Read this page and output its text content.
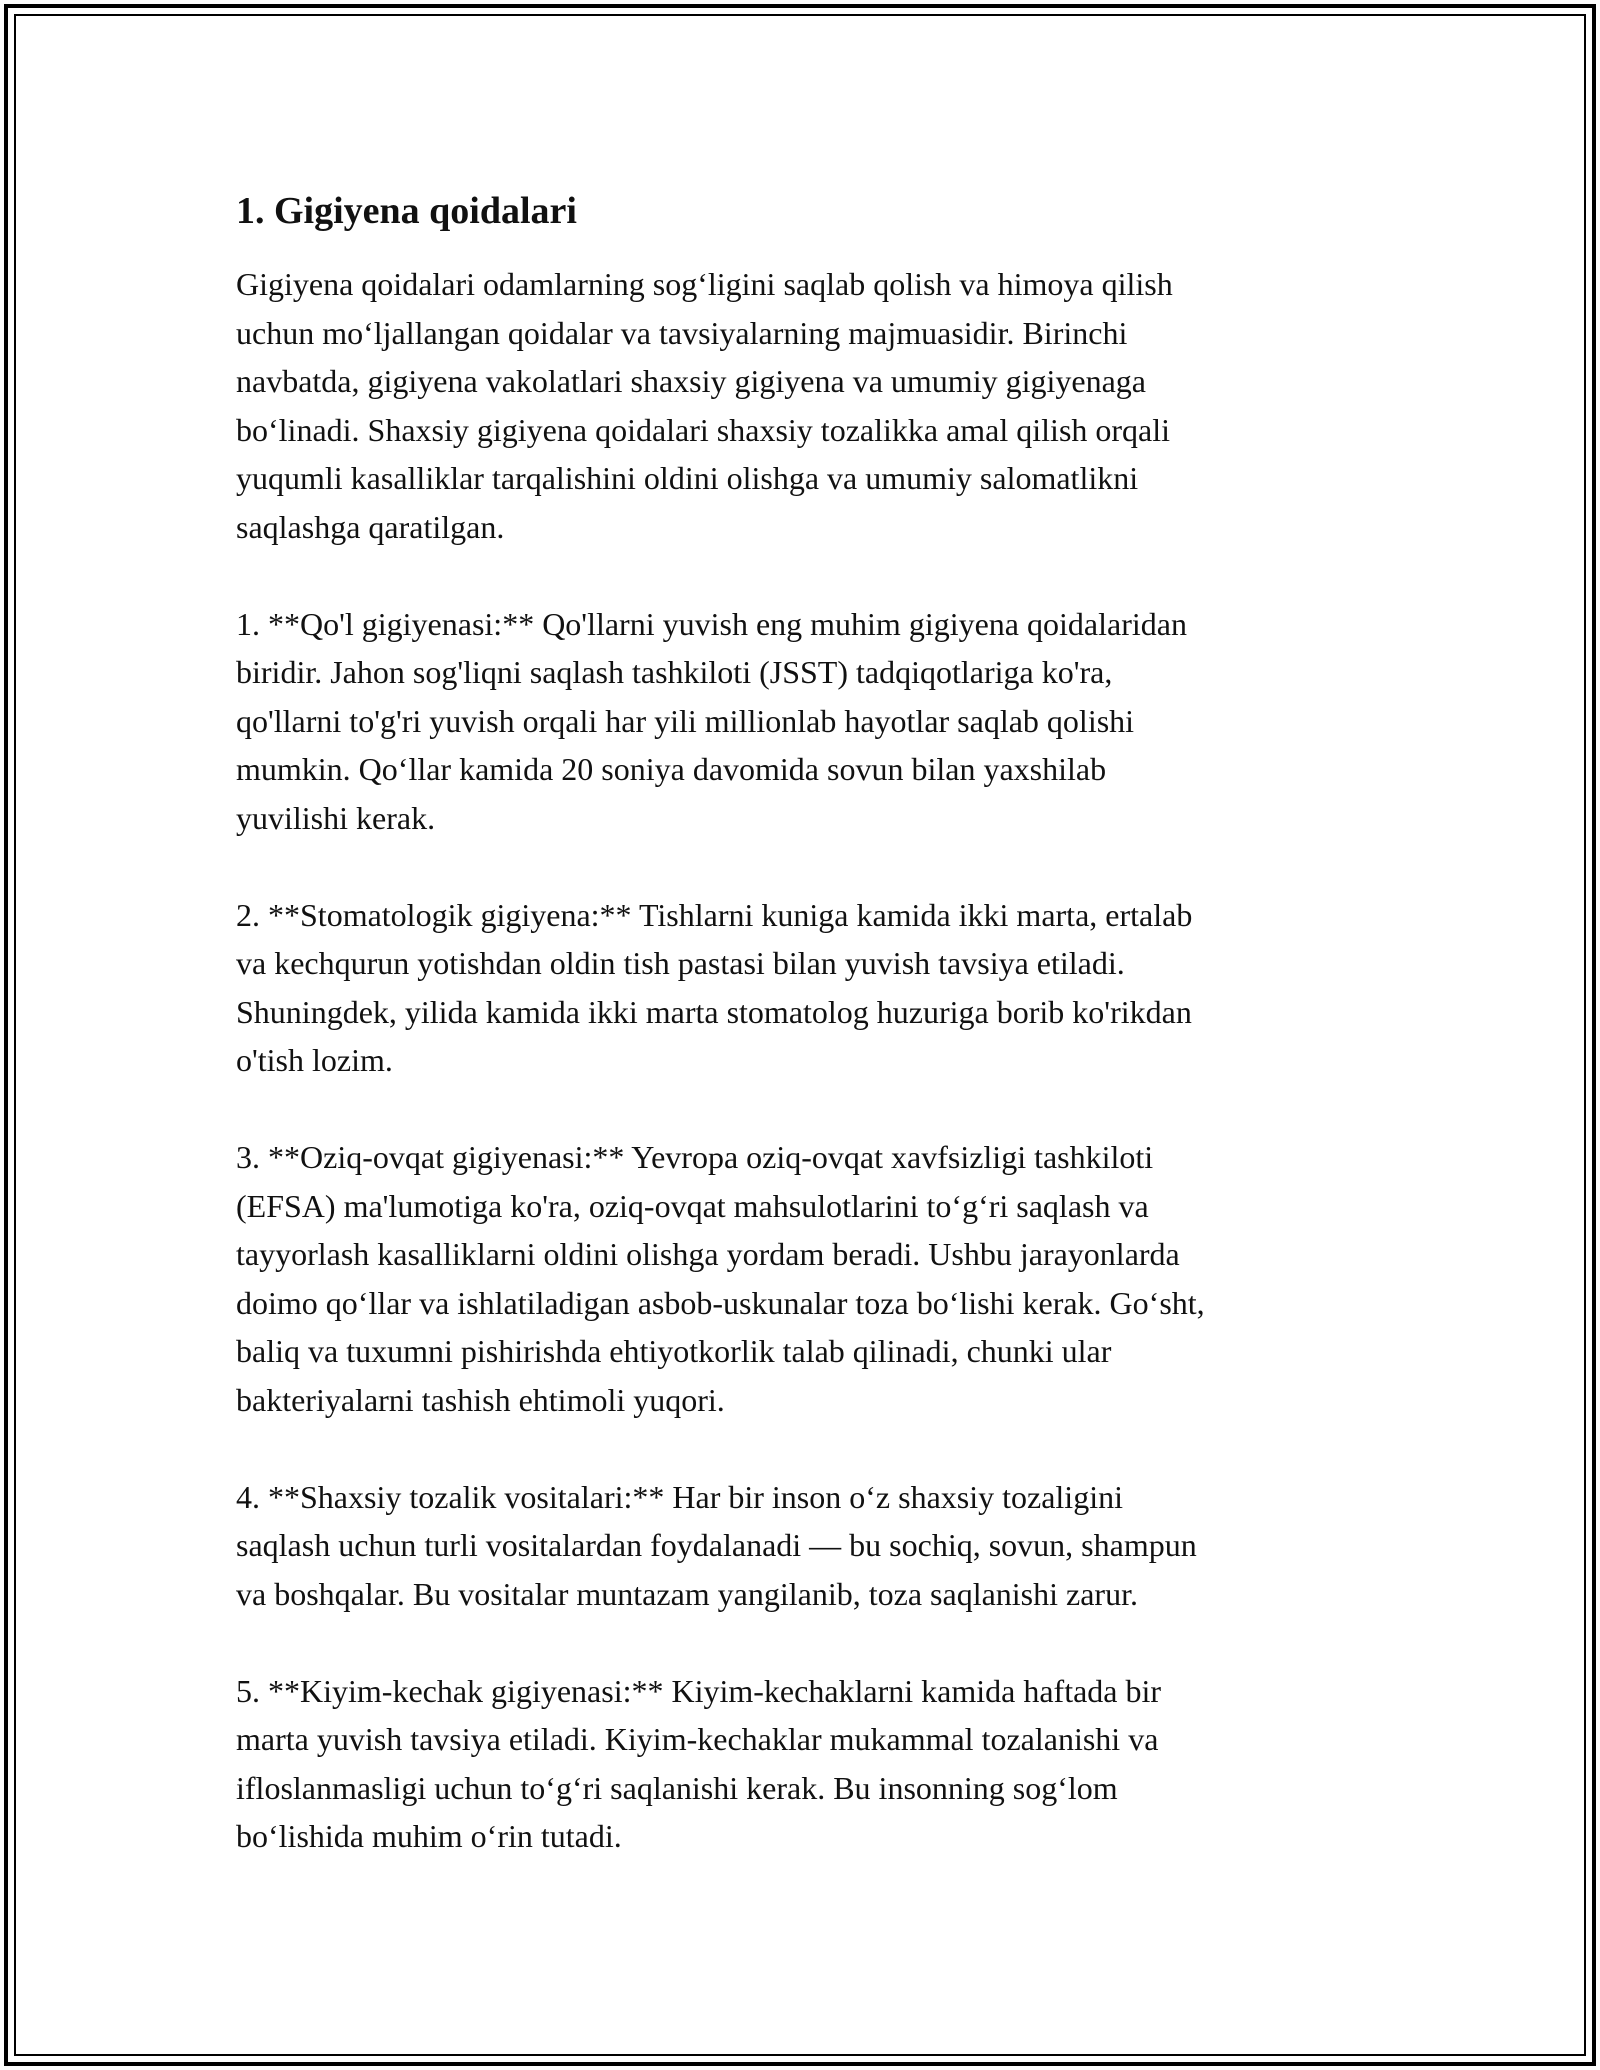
1. Gigiyena qoidalari

Gigiyena qoidalari odamlarning sog‘ligini saqlab qolish va himoya qilish
uchun mo‘ljallangan qoidalar va tavsiyalarning majmuasidir. Birinchi
navbatda, gigiyena vakolatlari shaxsiy gigiyena va umumiy gigiyenaga
bo‘linadi. Shaxsiy gigiyena qoidalari shaxsiy tozalikka amal qilish orqali
yuqumli kasalliklar tarqalishini oldini olishga va umumiy salomatlikni
saqlashga qaratilgan.

1. **Qo'l gigiyenasi:** Qo'llarni yuvish eng muhim gigiyena qoidalaridan
biridir. Jahon sog'liqni saqlash tashkiloti (JSST) tadqiqotlariga ko'ra,
qo'llarni to'g'ri yuvish orqali har yili millionlab hayotlar saqlab qolishi
mumkin. Qo‘llar kamida 20 soniya davomida sovun bilan yaxshilab
yuvilishi kerak.

2. **Stomatologik gigiyena:** Tishlarni kuniga kamida ikki marta, ertalab
va kechqurun yotishdan oldin tish pastasi bilan yuvish tavsiya etiladi.
Shuningdek, yilida kamida ikki marta stomatolog huzuriga borib ko'rikdan
o'tish lozim.

3. **Oziq-ovqat gigiyenasi:** Yevropa oziq-ovqat xavfsizligi tashkiloti
(EFSA) ma'lumotiga ko'ra, oziq-ovqat mahsulotlarini to‘g‘ri saqlash va
tayyorlash kasalliklarni oldini olishga yordam beradi. Ushbu jarayonlarda
doimo qo‘llar va ishlatiladigan asbob-uskunalar toza bo‘lishi kerak. Go‘sht,
baliq va tuxumni pishirishda ehtiyotkorlik talab qilinadi, chunki ular
bakteriyalarni tashish ehtimoli yuqori.

4. **Shaxsiy tozalik vositalari:** Har bir inson o‘z shaxsiy tozaligini
saqlash uchun turli vositalardan foydalanadi — bu sochiq, sovun, shampun
va boshqalar. Bu vositalar muntazam yangilanib, toza saqlanishi zarur.

5. **Kiyim-kechak gigiyenasi:** Kiyim-kechaklarni kamida haftada bir
marta yuvish tavsiya etiladi. Kiyim-kechaklar mukammal tozalanishi va
ifloslanmasligi uchun to‘g‘ri saqlanishi kerak. Bu insonning sog‘lom
bo‘lishida muhim o‘rin tutadi.
